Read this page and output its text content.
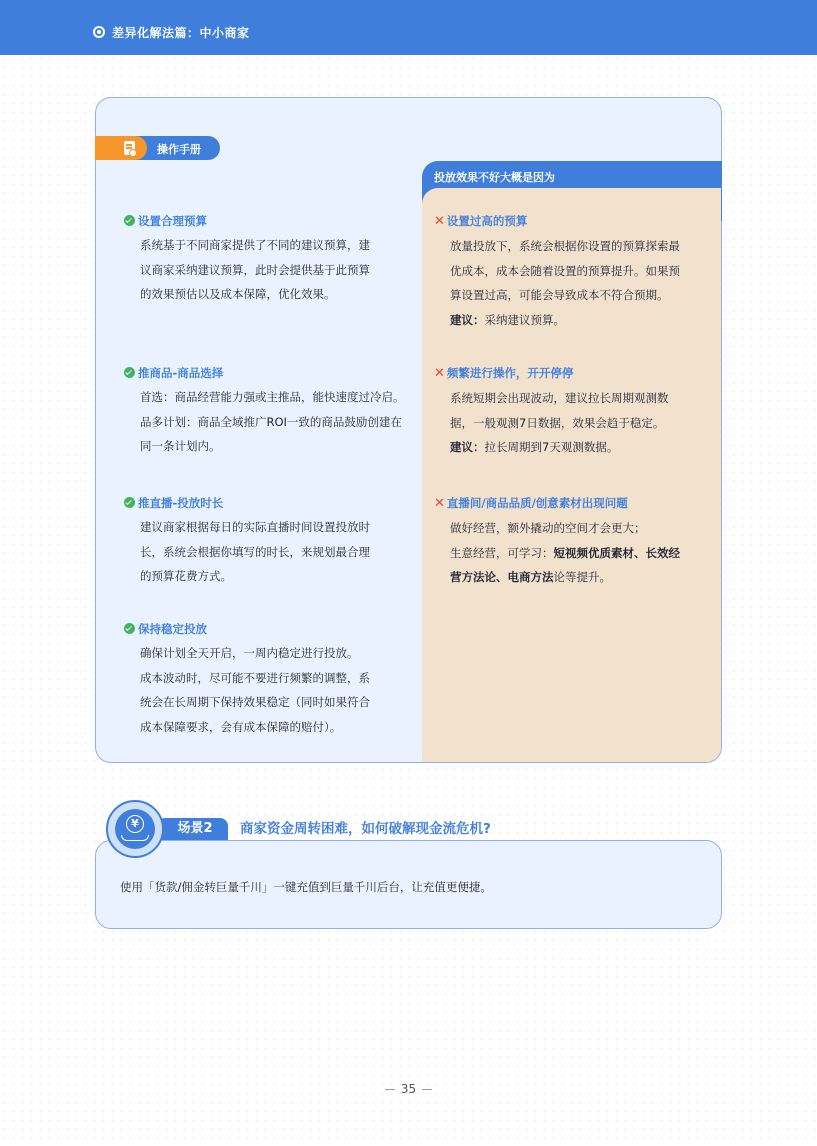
差异化解法篇：中小商家
投放效果不好大概是因为
操作手册
设置合理预算

系统基于不同商家提供了不同的建议预算，建

议商家采纳建议预算，此时会提供基于此预算

的效果预估以及成本保障，优化效果。

推商品-商品选择

首选：商品经营能力强或主推品，能快速度过冷启。

品多计划：商品全域推广ROI一致的商品鼓励创建在

同一条计划内。

推直播-投放时长

建议商家根据每日的实际直播时间设置投放时

长，系统会根据你填写的时长，来规划最合理

的预算花费方式。

保持稳定投放

确保计划全天开启，一周内稳定进行投放。

成本波动时，尽可能不要进行频繁的调整，系

统会在长周期下保持效果稳定（同时如果符合

成本保障要求，会有成本保障的赔付）。

✕ 设置过高的预算

放量投放下，系统会根据你设置的预算探索最

优成本，成本会随着设置的预算提升。如果预

算设置过高，可能会导致成本不符合预期。

建议：采纳建议预算。

✕ 频繁进行操作，开开停停

系统短期会出现波动，建议拉长周期观测数

据，一般观测7日数据，效果会趋于稳定。

建议：拉长周期到7天观测数据。

✕ 直播间/商品品质/创意素材出现问题

做好经营，额外撬动的空间才会更大；

生意经营，可学习：短视频优质素材、长效经

营方法论、电商方法论等提升。

场景2	商家资金周转困难，如何破解现金流危机?
¥
使用「货款/佣金转巨量千川」一键充值到巨量千川后台，让充值更便捷。
35
